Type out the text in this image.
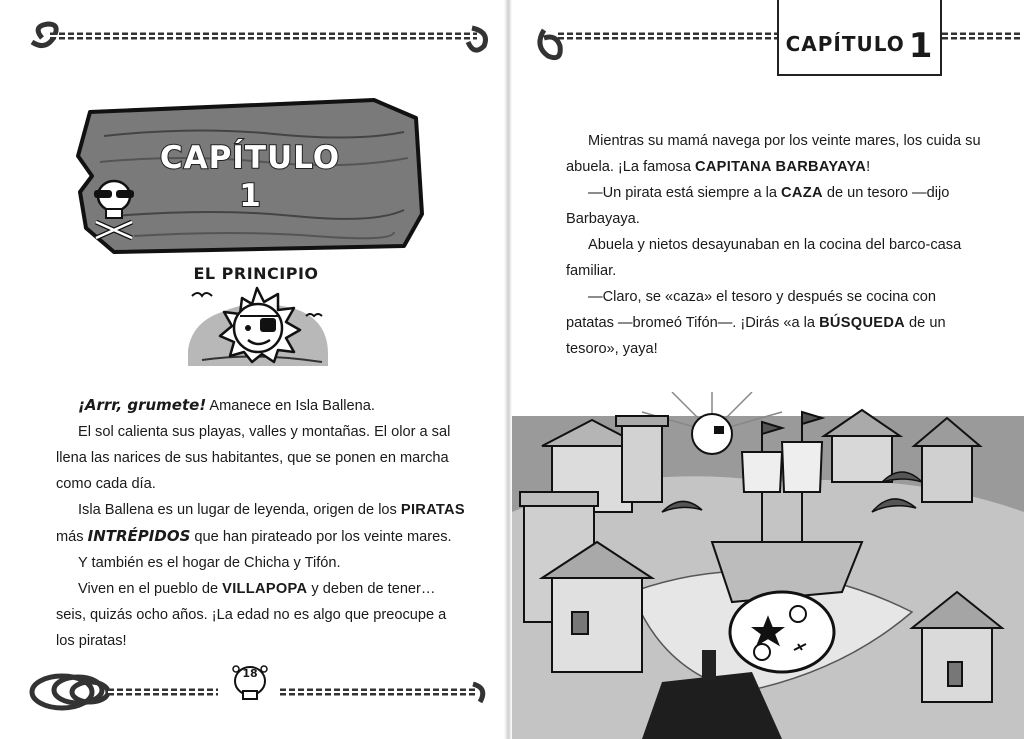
CAPÍTULO
1
EL PRINCIPIO

¡Arrr, grumete! Amanece en Isla Ballena.

El sol calienta sus playas, valles y montañas. El olor a sal llena las narices de sus habitantes, que se ponen en marcha como cada día.

Isla Ballena es un lugar de leyenda, origen de los PIRATAS más INTRÉPIDOS que han pirateado por los veinte mares.

Y también es el hogar de Chicha y Tifón.

Viven en el pueblo de VILLAPOPA y deben de tener… seis, quizás ocho años. ¡La edad no es algo que preocupe a los piratas!

18
CAPÍTULO 1

Mientras su mamá navega por los veinte mares, los cuida su abuela. ¡La famosa CAPITANA BARBAYAYA!

—Un pirata está siempre a la CAZA de un tesoro —dijo Barbayaya.

Abuela y nietos desayunaban en la cocina del barco-casa familiar.

—Claro, se «caza» el tesoro y después se cocina con patatas —bromeó Tifón—. ¡Dirás «a la BÚSQUEDA de un tesoro», yaya!
